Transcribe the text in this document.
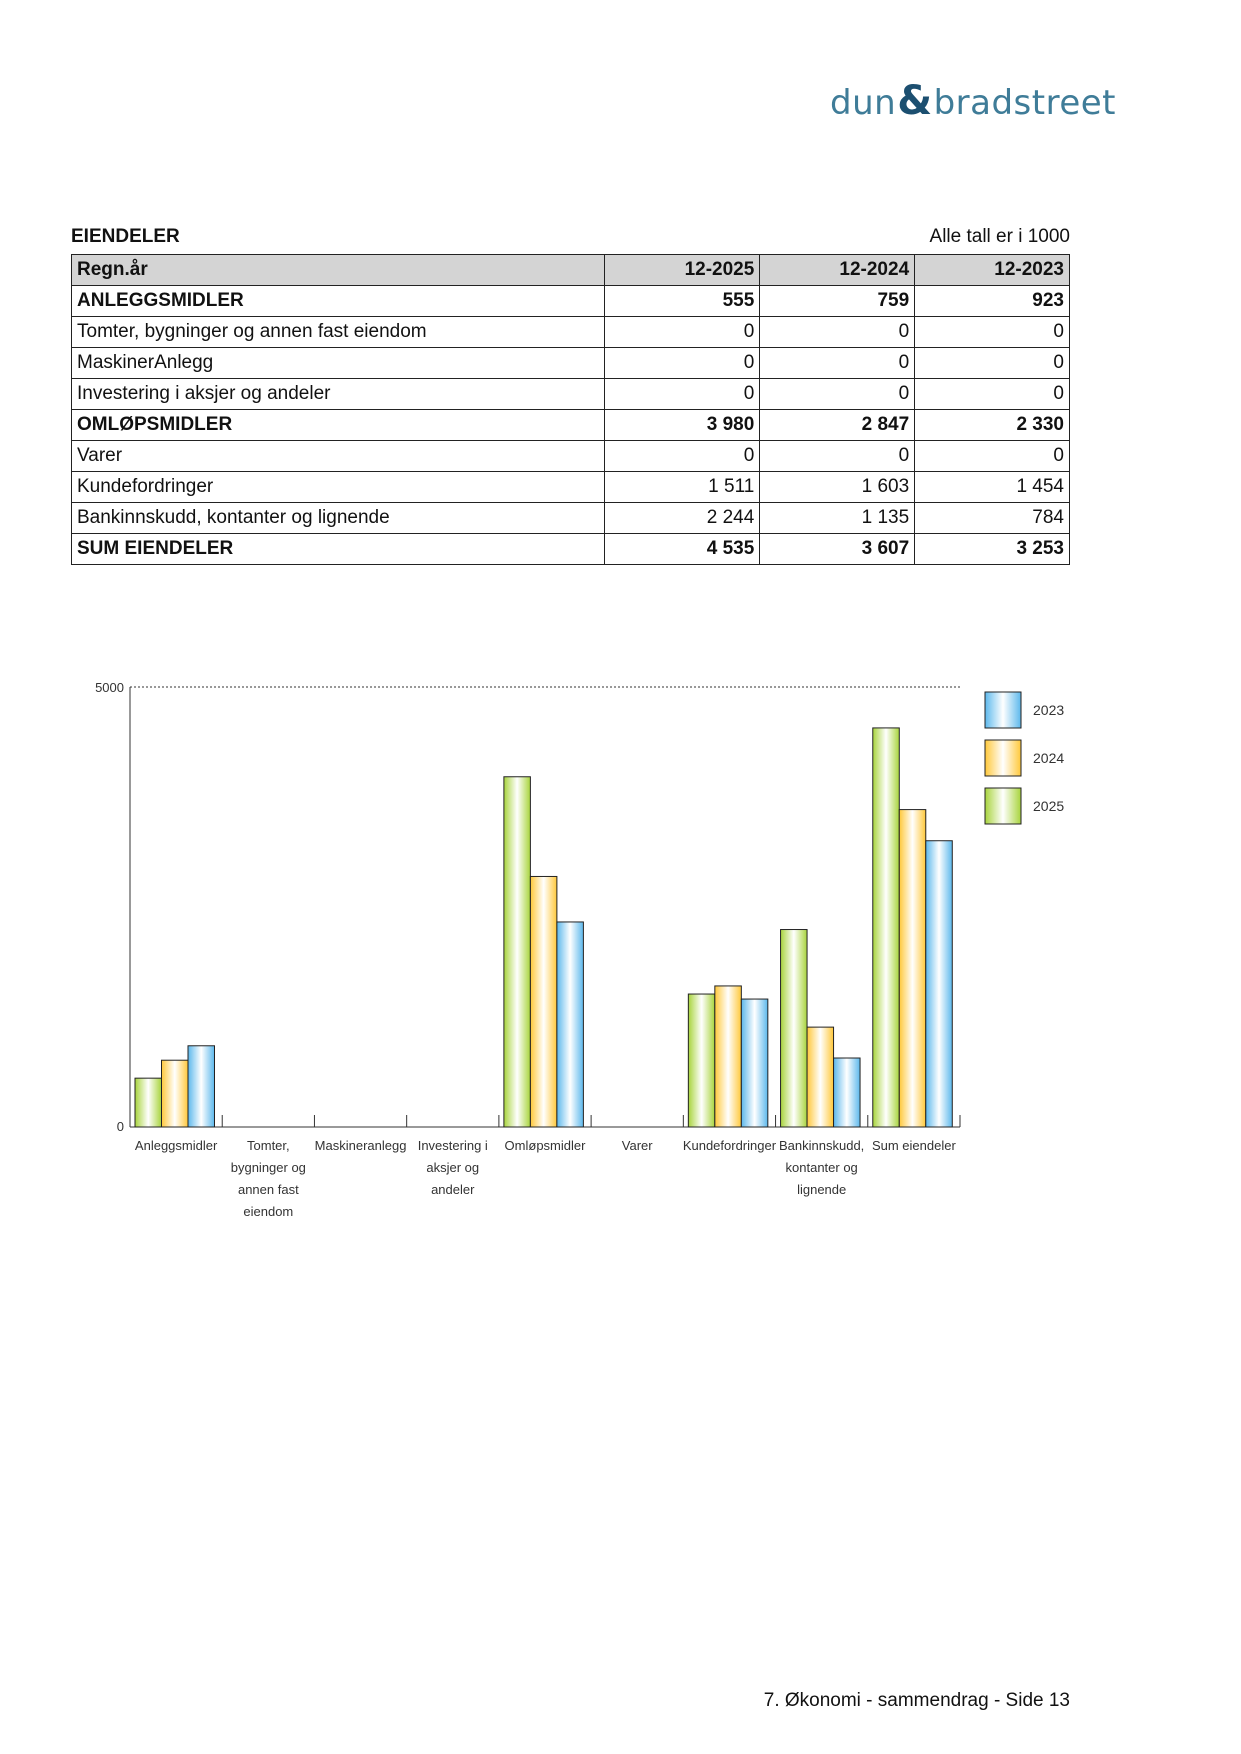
dun&bradstreet
EIENDELER	Alle tall er i 1000
Regn.år	12-2025	12-2024	12-2023
ANLEGGSMIDLER	555	759	923
Tomter, bygninger og annen fast eiendom	0	0	0
MaskinerAnlegg	0	0	0
Investering i aksjer og andeler	0	0	0
OMLØPSMIDLER	3 980	2 847	2 330
Varer	0	0	0
Kundefordringer	1 511	1 603	1 454
Bankinnskudd, kontanter og lignende	2 244	1 135	784
SUM EIENDELER	4 535	3 607	3 253
0
5000
Anleggsmidler Tomter,
bygninger og
annen fast
eiendom
Maskineranlegg Investering i
aksjer og
andeler
Omløpsmidler	Varer Kundefordringer Bankinnskudd,
kontanter og
lignende
Sum eiendeler
2023
2024
2025
7. Økonomi - sammendrag - Side 13
